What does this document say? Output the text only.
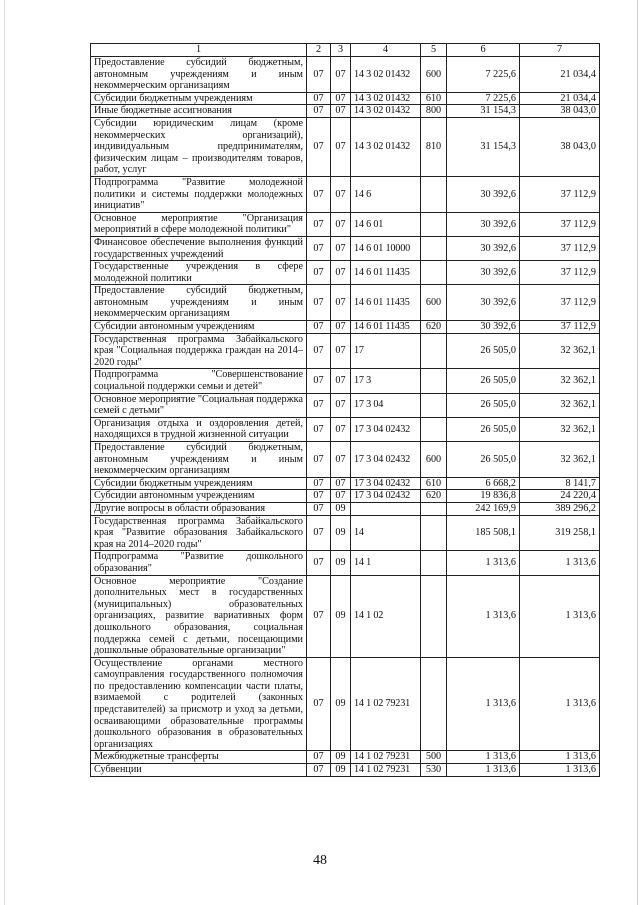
1	2	3	4	5	6	7
Предоставление субсидий бюджетным, автономным учреждениям и иным некоммерческим организациям	07	07	14 3 02 01432	600	7 225,6	21 034,4
Субсидии бюджетным учреждениям	07	07	14 3 02 01432	610	7 225,6	21 034,4
Иные бюджетные ассигнования	07	07	14 3 02 01432	800	31 154,3	38 043,0
Субсидии юридическим лицам (кроме некоммерческих организаций), индивидуальным предпринимателям, физическим лицам – производителям товаров, работ, услуг	07	07	14 3 02 01432	810	31 154,3	38 043,0
Подпрограмма "Развитие молодежной политики и системы поддержки молодежных инициатив"	07	07	14 6		30 392,6	37 112,9
Основное мероприятие "Организация мероприятий в сфере молодежной политики"	07	07	14 6 01		30 392,6	37 112,9
Финансовое обеспечение выполнения функций государственных учреждений	07	07	14 6 01 10000		30 392,6	37 112,9
Государственные учреждения в сфере молодежной политики	07	07	14 6 01 11435		30 392,6	37 112,9
Предоставление субсидий бюджетным, автономным учреждениям и иным некоммерческим организациям	07	07	14 6 01 11435	600	30 392,6	37 112,9
Субсидии автономным учреждениям	07	07	14 6 01 11435	620	30 392,6	37 112,9
Государственная программа Забайкальского края "Социальная поддержка граждан на 2014–2020 годы"	07	07	17		26 505,0	32 362,1
Подпрограмма "Совершенствование социальной поддержки семьи и детей"	07	07	17 3		26 505,0	32 362,1
Основное мероприятие "Социальная поддержка семей с детьми"	07	07	17 3 04		26 505,0	32 362,1
Организация отдыха и оздоровления детей, находящихся в трудной жизненной ситуации	07	07	17 3 04 02432		26 505,0	32 362,1
Предоставление субсидий бюджетным, автономным учреждениям и иным некоммерческим организациям	07	07	17 3 04 02432	600	26 505,0	32 362,1
Субсидии бюджетным учреждениям	07	07	17 3 04 02432	610	6 668,2	8 141,7
Субсидии автономным учреждениям	07	07	17 3 04 02432	620	19 836,8	24 220,4
Другие вопросы в области образования	07	09			242 169,9	389 296,2
Государственная программа Забайкальского края "Развитие образования Забайкальского края на 2014–2020 годы"	07	09	14		185 508,1	319 258,1
Подпрограмма "Развитие дошкольного образования"	07	09	14 1		1 313,6	1 313,6
Основное мероприятие "Создание дополнительных мест в государственных (муниципальных) образовательных организациях, развитие вариативных форм дошкольного образования, социальная поддержка семей с детьми, посещающими дошкольные образовательные организации"	07	09	14 1 02		1 313,6	1 313,6
Осуществление органами местного самоуправления государственного полномочия по предоставлению компенсации части платы, взимаемой с родителей (законных представителей) за присмотр и уход за детьми, осваивающими образовательные программы дошкольного образования в образовательных организациях	07	09	14 1 02 79231		1 313,6	1 313,6
Межбюджетные трансферты	07	09	14 1 02 79231	500	1 313,6	1 313,6
Субвенции	07	09	14 1 02 79231	530	1 313,6	1 313,6
48
